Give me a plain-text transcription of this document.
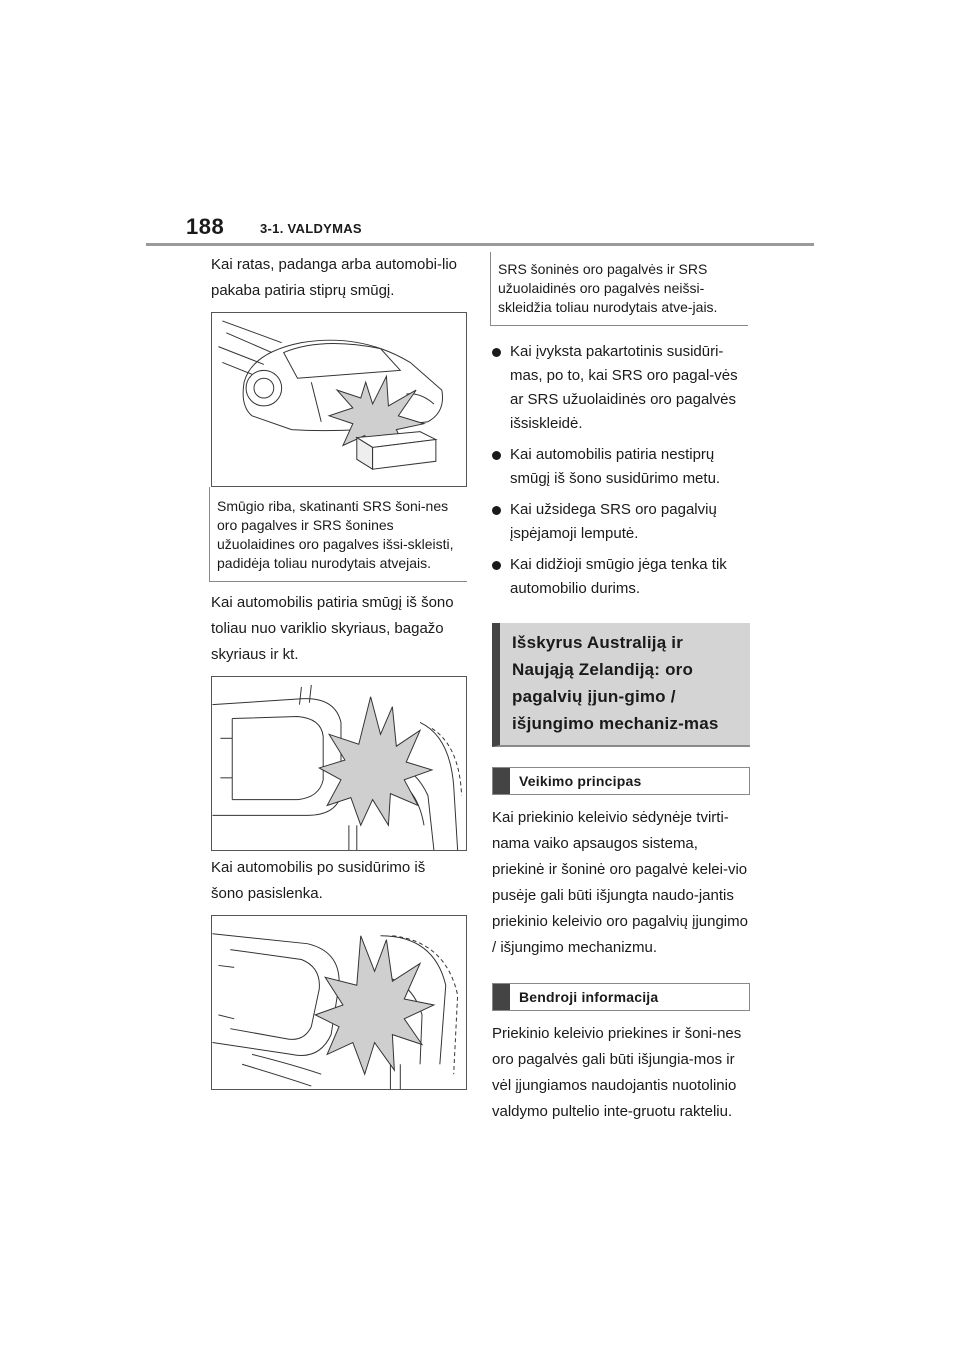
188	3-1. VALDYMAS

Kai ratas, padanga arba automobi-lio pakaba patiria stiprų smūgį.

Smūgio riba, skatinanti SRS šoni-nes oro pagalves ir SRS šonines užuolaidines oro pagalves išsi-skleisti, padidėja toliau nurodytais atvejais.

Kai automobilis patiria smūgį iš šono toliau nuo variklio skyriaus, bagažo skyriaus ir kt.

Kai automobilis po susidūrimo iš šono pasislenka.

SRS šoninės oro pagalvės ir SRS užuolaidinės oro pagalvės neišsi-skleidžia toliau nurodytais atve-jais.
Kai įvyksta pakartotinis susidūri-mas, po to, kai SRS oro pagal-vės ar SRS užuolaidinės oro pagalvės išsiskleidė.
Kai automobilis patiria nestiprų smūgį iš šono susidūrimo metu.
Kai užsidega SRS oro pagalvių įspėjamoji lemputė.
Kai didžioji smūgio jėga tenka tik automobilio durims.
Išskyrus Australiją ir Naująją Zelandiją: oro pagalvių įjun-gimo / išjungimo mechaniz-mas
Veikimo principas

Kai priekinio keleivio sėdynėje tvirti-nama vaiko apsaugos sistema, priekinė ir šoninė oro pagalvė kelei-vio pusėje gali būti išjungta naudo-jantis priekinio keleivio oro pagalvių įjungimo / išjungimo mechanizmu.

Bendroji informacija

Priekinio keleivio priekines ir šoni-nes oro pagalvės gali būti išjungia-mos ir vėl įjungiamos naudojantis nuotolinio valdymo pultelio inte-gruotu rakteliu.
